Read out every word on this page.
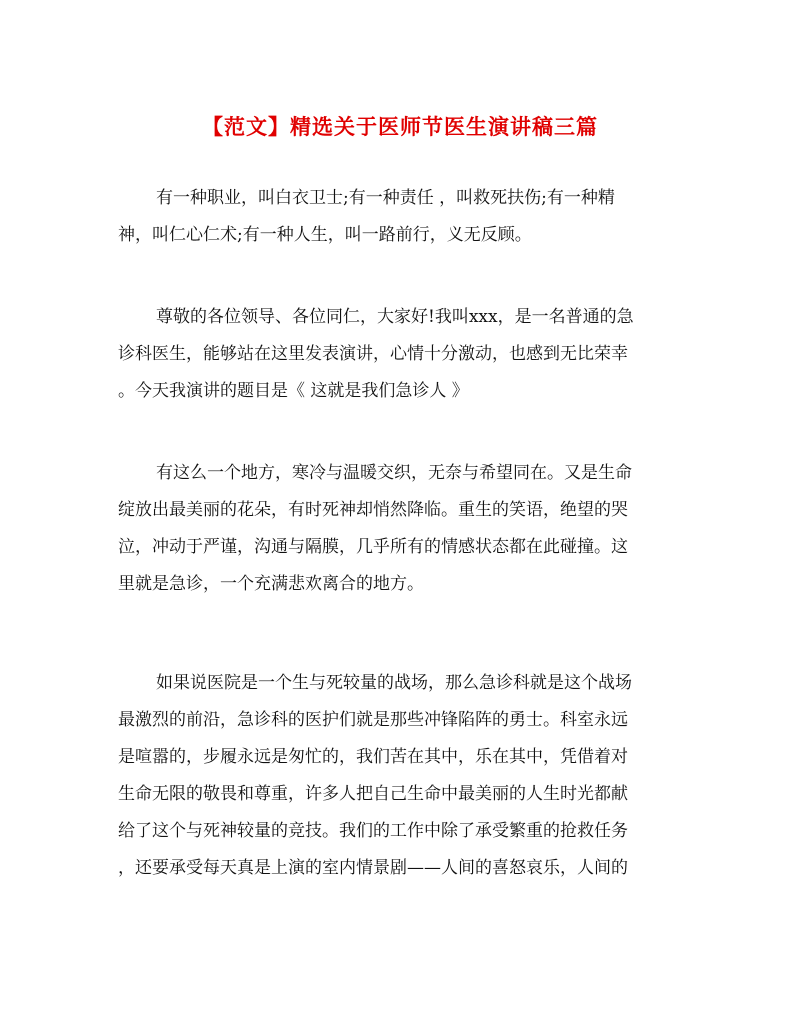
【范文】精选关于医师节医生演讲稿三篇
有一种职业，叫白衣卫士;有一种责任 ，叫救死扶伤;有一种精
神，叫仁心仁术;有一种人生，叫一路前行，义无反顾。
尊敬的各位领导、各位同仁，大家好!我叫xxx，是一名普通的急
诊科医生，能够站在这里发表演讲，心情十分激动，也感到无比荣幸
。今天我演讲的题目是《 这就是我们急诊人 》
有这么一个地方，寒冷与温暖交织，无奈与希望同在。又是生命
绽放出最美丽的花朵，有时死神却悄然降临。重生的笑语，绝望的哭
泣，冲动于严谨，沟通与隔膜，几乎所有的情感状态都在此碰撞。这
里就是急诊，一个充满悲欢离合的地方。
如果说医院是一个生与死较量的战场，那么急诊科就是这个战场
最激烈的前沿，急诊科的医护们就是那些冲锋陷阵的勇士。科室永远
是喧嚣的，步履永远是匆忙的，我们苦在其中，乐在其中，凭借着对
生命无限的敬畏和尊重，许多人把自己生命中最美丽的人生时光都献
给了这个与死神较量的竞技。我们的工作中除了承受繁重的抢救任务
，还要承受每天真是上演的室内情景剧——人间的喜怒哀乐，人间的
